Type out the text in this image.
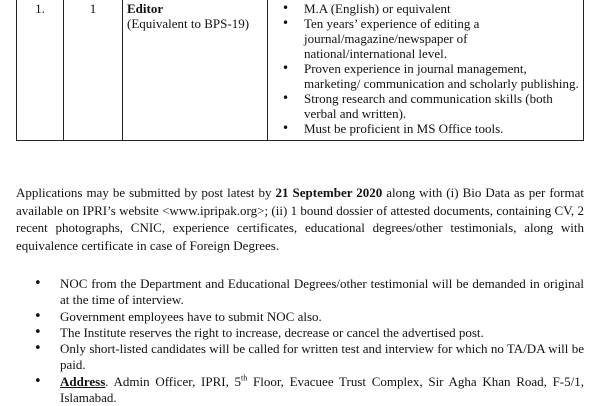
1.	1	Editor
(Equivalent to BPS-19)

• M.A (English) or equivalent
• Ten years’ experience of editing a journal/magazine/newspaper of national/international level.
• Proven experience in journal management, marketing/ communication and scholarly publishing.
• Strong research and communication skills (both verbal and written).
• Must be proficient in MS Office tools.

Applications may be submitted by post latest by 21 September 2020 along with (i) Bio Data as per format available on IPRI’s website <www.ipripak.org>; (ii) 1 bound dossier of attested documents, containing CV, 2 recent photographs, CNIC, experience certificates, educational degrees/other testimonials, along with equivalence certificate in case of Foreign Degrees.

• NOC from the Department and Educational Degrees/other testimonial will be demanded in original at the time of interview.
• Government employees have to submit NOC also.
• The Institute reserves the right to increase, decrease or cancel the advertised post.
• Only short-listed candidates will be called for written test and interview for which no TA/DA will be paid.
• Address. Admin Officer, IPRI, 5th Floor, Evacuee Trust Complex, Sir Agha Khan Road, F-5/1, Islamabad.
